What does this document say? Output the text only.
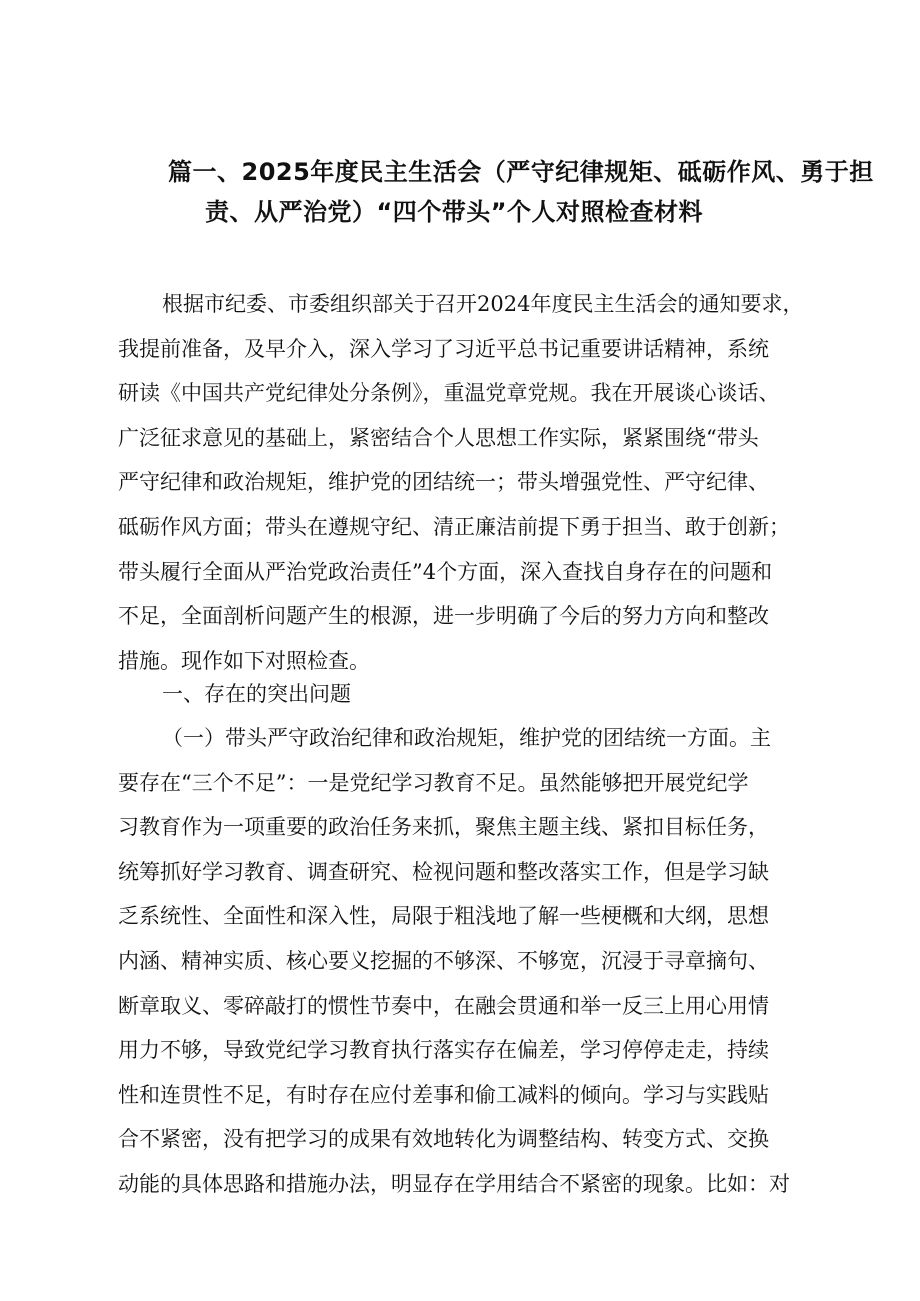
篇一、2025年度民主生活会（严守纪律规矩、砥砺作风、勇于担
责、从严治党）“四个带头”个人对照检查材料
根据市纪委、市委组织部关于召开2024年度民主生活会的通知要求，
我提前准备，及早介入，深入学习了习近平总书记重要讲话精神，系统
研读《中国共产党纪律处分条例》，重温党章党规。我在开展谈心谈话、
广泛征求意见的基础上，紧密结合个人思想工作实际，紧紧围绕“带头
严守纪律和政治规矩，维护党的团结统一；带头增强党性、严守纪律、
砥砺作风方面；带头在遵规守纪、清正廉洁前提下勇于担当、敢于创新；
带头履行全面从严治党政治责任”4个方面，深入查找自身存在的问题和
不足，全面剖析问题产生的根源，进一步明确了今后的努力方向和整改
措施。现作如下对照检查。
一、存在的突出问题
（一）带头严守政治纪律和政治规矩，维护党的团结统一方面。主
要存在“三个不足”：一是党纪学习教育不足。虽然能够把开展党纪学
习教育作为一项重要的政治任务来抓，聚焦主题主线、紧扣目标任务，
统筹抓好学习教育、调查研究、检视问题和整改落实工作，但是学习缺
乏系统性、全面性和深入性，局限于粗浅地了解一些梗概和大纲，思想
内涵、精神实质、核心要义挖掘的不够深、不够宽，沉浸于寻章摘句、
断章取义、零碎敲打的惯性节奏中，在融会贯通和举一反三上用心用情
用力不够，导致党纪学习教育执行落实存在偏差，学习停停走走，持续
性和连贯性不足，有时存在应付差事和偷工减料的倾向。学习与实践贴
合不紧密，没有把学习的成果有效地转化为调整结构、转变方式、交换
动能的具体思路和措施办法，明显存在学用结合不紧密的现象。比如：对
